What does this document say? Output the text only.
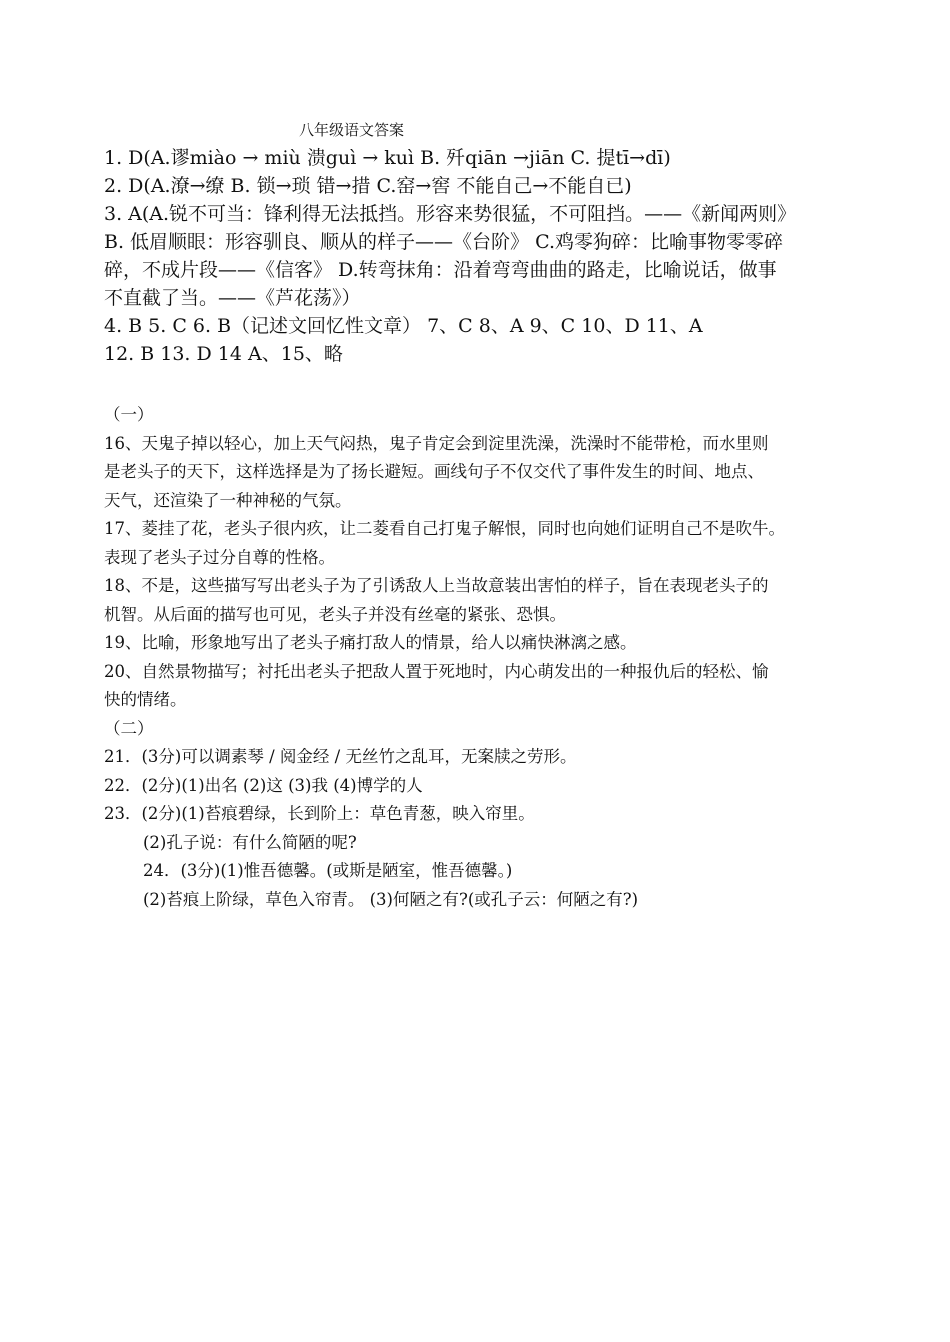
八年级语文答案
1. D(A.谬miào → miù 溃guì → kuì B. 歼qiān →jiān C. 提tī→dī)
2. D(A.潦→缭 B. 锁→琐 错→措 C.窑→窖 不能自己→不能自已)
3. A(A.锐不可当：锋利得无法抵挡。形容来势很猛，不可阻挡。——《新闻两则》
B. 低眉顺眼：形容驯良、顺从的样子——《台阶》 C.鸡零狗碎：比喻事物零零碎
碎，不成片段——《信客》 D.转弯抹角：沿着弯弯曲曲的路走，比喻说话，做事
不直截了当。——《芦花荡》）
4. B 5. C 6. B（记述文回忆性文章） 7、C 8、A 9、C 10、D 11、A
12. B 13. D 14 A、15、略
（一）
16、天鬼子掉以轻心，加上天气闷热，鬼子肯定会到淀里洗澡，洗澡时不能带枪，而水里则
是老头子的天下，这样选择是为了扬长避短。画线句子不仅交代了事件发生的时间、地点、
天气，还渲染了一种神秘的气氛。
17、菱挂了花，老头子很内疚，让二菱看自己打鬼子解恨，同时也向她们证明自己不是吹牛。
表现了老头子过分自尊的性格。
18、不是，这些描写写出老头子为了引诱敌人上当故意装出害怕的样子，旨在表现老头子的
机智。从后面的描写也可见，老头子并没有丝毫的紧张、恐惧。
19、比喻，形象地写出了老头子痛打敌人的情景，给人以痛快淋漓之感。
20、自然景物描写；衬托出老头子把敌人置于死地时，内心萌发出的一种报仇后的轻松、愉
快的情绪。
（二）
21．(3分)可以调素琴 / 阅金经 / 无丝竹之乱耳，无案牍之劳形。
22．(2分)(1)出名 (2)这 (3)我 (4)博学的人
23．(2分)(1)苔痕碧绿，长到阶上：草色青葱，映入帘里。
(2)孔子说：有什么简陋的呢?
24．(3分)(1)惟吾德馨。(或斯是陋室，惟吾德馨。)
(2)苔痕上阶绿，草色入帘青。 (3)何陋之有?(或孔子云：何陋之有?)
